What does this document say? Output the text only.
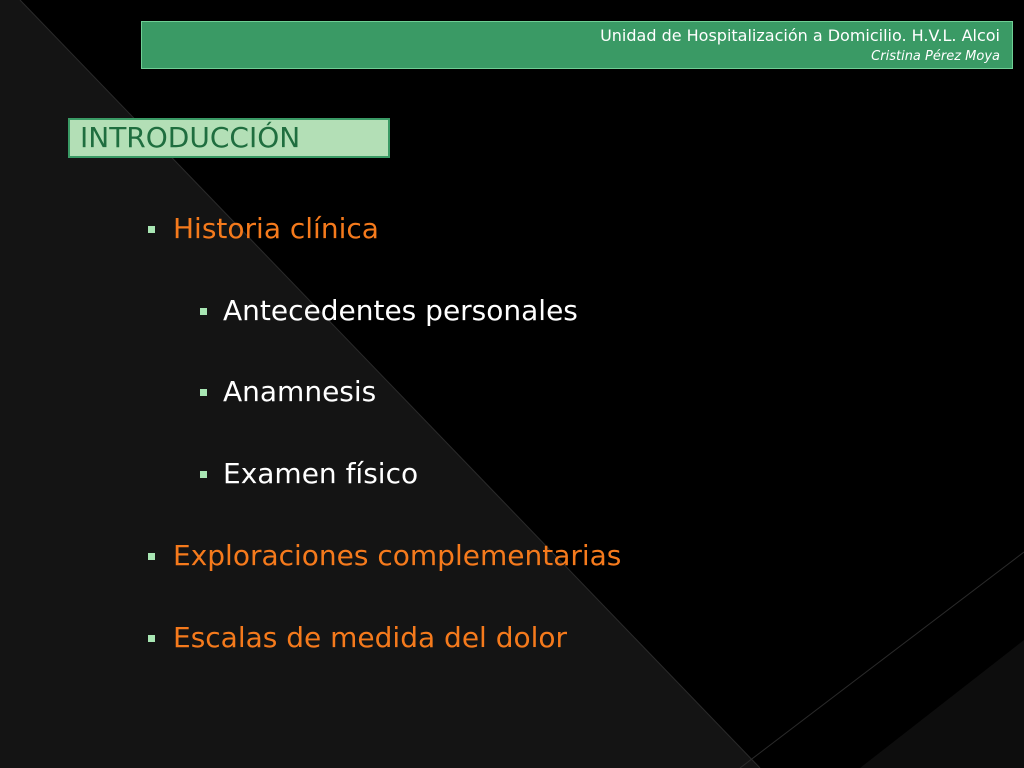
Unidad de Hospitalización a Domicilio. H.V.L. Alcoi
Cristina Pérez Moya
INTRODUCCIÓN
Historia clínica
Antecedentes personales
Anamnesis
Examen físico
Exploraciones complementarias
Escalas de medida del dolor
